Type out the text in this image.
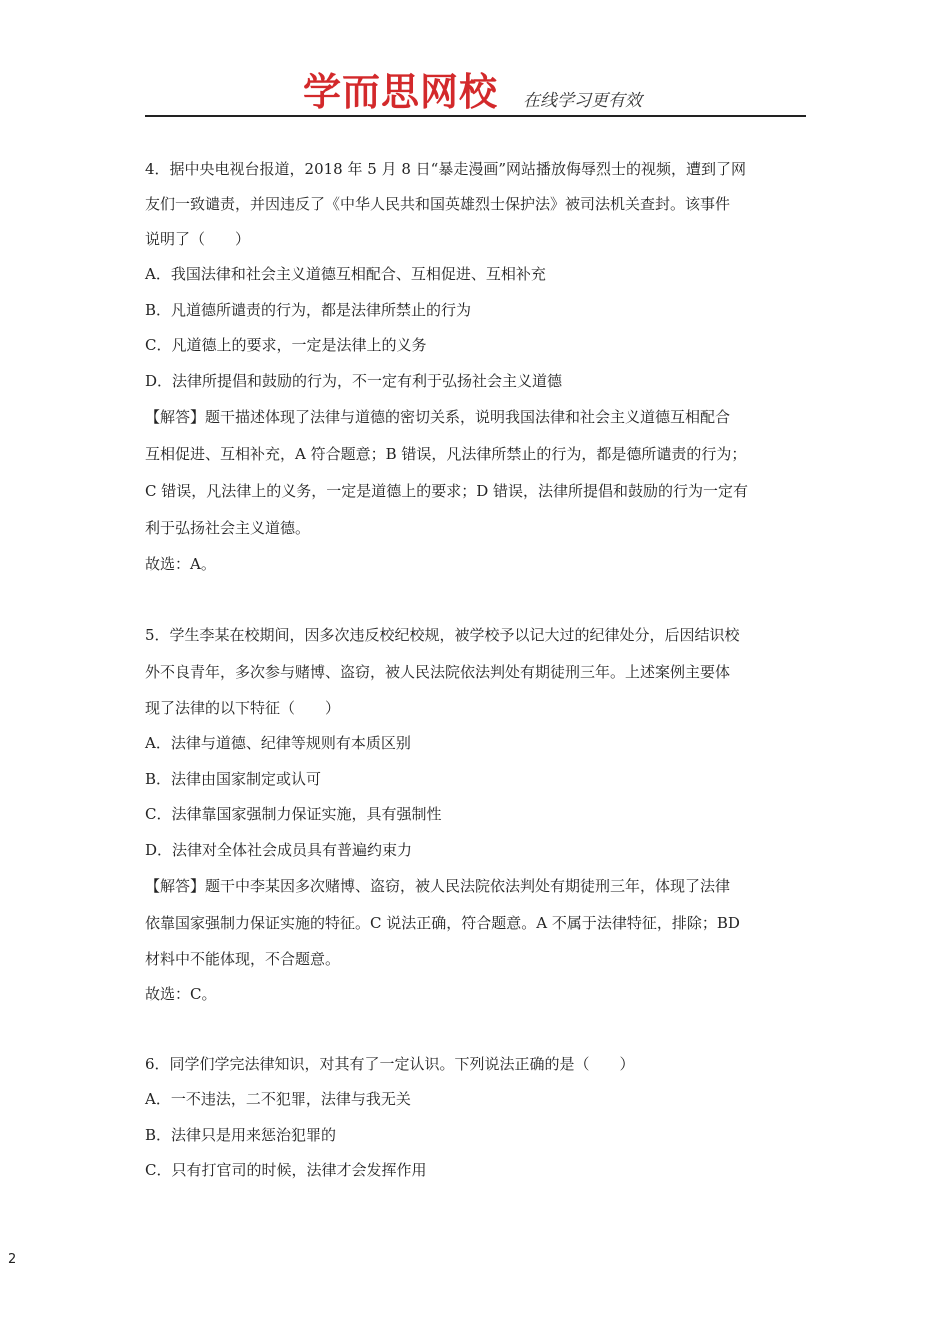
学而思网校 在线学习更有效
4．据中央电视台报道，2018 年 5 月 8 日“暴走漫画”网站播放侮辱烈士的视频，遭到了网
友们一致谴责，并因违反了《中华人民共和国英雄烈士保护法》被司法机关查封。该事件
说明了（　　）
A．我国法律和社会主义道德互相配合、互相促进、互相补充
B．凡道德所谴责的行为，都是法律所禁止的行为
C．凡道德上的要求，一定是法律上的义务
D．法律所提倡和鼓励的行为，不一定有利于弘扬社会主义道德
【解答】题干描述体现了法律与道德的密切关系，说明我国法律和社会主义道德互相配合
互相促进、互相补充，A 符合题意；B 错误，凡法律所禁止的行为，都是德所谴责的行为；
C 错误，凡法律上的义务，一定是道德上的要求；D 错误，法律所提倡和鼓励的行为一定有
利于弘扬社会主义道德。
故选：A。
5．学生李某在校期间，因多次违反校纪校规，被学校予以记大过的纪律处分，后因结识校
外不良青年，多次参与赌博、盗窃，被人民法院依法判处有期徒刑三年。上述案例主要体
现了法律的以下特征（　　）
A．法律与道德、纪律等规则有本质区别
B．法律由国家制定或认可
C．法律靠国家强制力保证实施，具有强制性
D．法律对全体社会成员具有普遍约束力
【解答】题干中李某因多次赌博、盗窃，被人民法院依法判处有期徒刑三年，体现了法律
依靠国家强制力保证实施的特征。C 说法正确，符合题意。A 不属于法律特征，排除；BD
材料中不能体现，不合题意。
故选：C。
6．同学们学完法律知识，对其有了一定认识。下列说法正确的是（　　）
A．一不违法，二不犯罪，法律与我无关
B．法律只是用来惩治犯罪的
C．只有打官司的时候，法律才会发挥作用
2
